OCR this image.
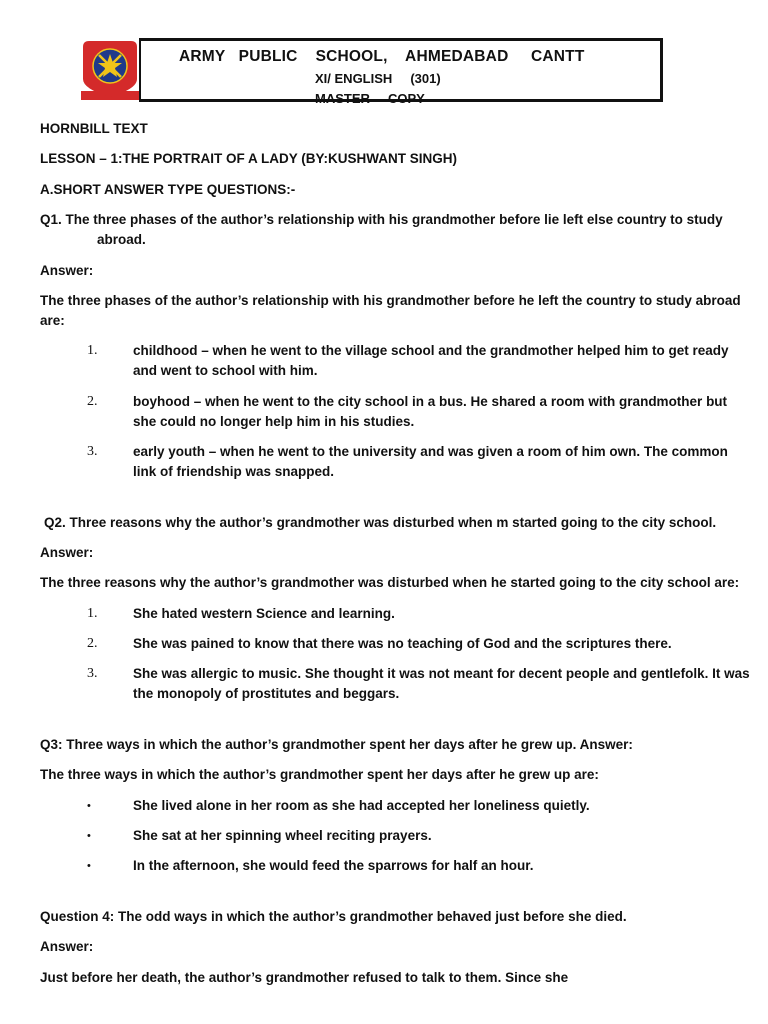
ARMY   PUBLIC    SCHOOL,    AHMEDABAD     CANTT
XI/ ENGLISH     (301)
MASTER     COPY
HORNBILL TEXT
LESSON – 1:THE PORTRAIT OF A LADY (BY:KUSHWANT SINGH)
A.SHORT ANSWER TYPE QUESTIONS:-
Q1. The three phases of the author’s relationship with his grandmother before lie left else country to study abroad.
Answer:
The three phases of the author’s relationship with his grandmother before he left the country to study abroad are:
1.	childhood – when he went to the village school and the grandmother helped him to get ready and went to school with him.
2.	boyhood – when he went to the city school in a bus. He shared a room with grandmother but she could no longer help him in his studies.
3.	early youth – when he went to the university and was given a room of him own. The common link of friendship was snapped.
Q2. Three reasons why the author’s grandmother was disturbed when m started going to the city school.
Answer:
The three reasons why the author’s grandmother was disturbed when he started going to the city school are:
1.	She hated western Science and learning.
2.	She was pained to know that there was no teaching of God and the scriptures there.
3.	She was allergic to music. She thought it was not meant for decent people and gentlefolk. It was the monopoly of prostitutes and beggars.
Q3: Three ways in which the author’s grandmother spent her days after he grew up. Answer:
The three ways in which the author’s grandmother spent her days after he grew up are:
•	She lived alone in her room as she had accepted her loneliness quietly.
•	She sat at her spinning wheel reciting prayers.
•	In the afternoon, she would feed the sparrows for half an hour.
Question 4: The odd ways in which the author’s grandmother behaved just before she died.
Answer:
Just before her death, the author’s grandmother refused to talk to them. Since she
